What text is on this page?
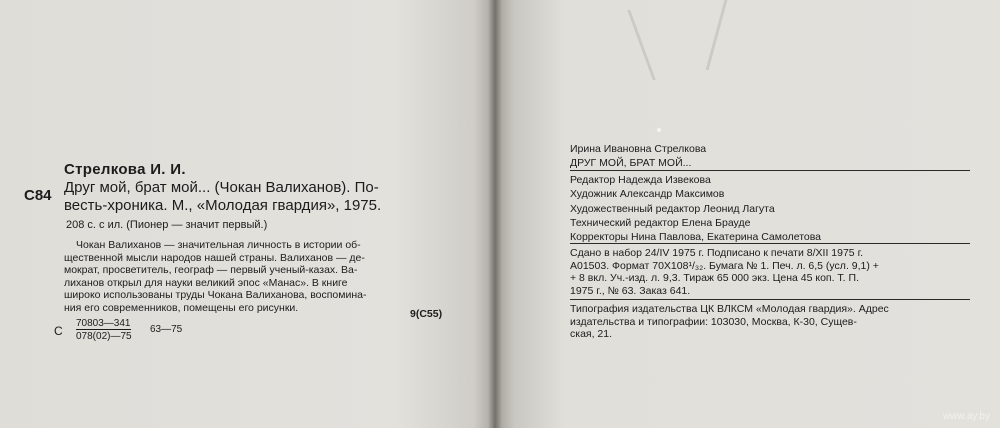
Стрелкова И. И.
С84 Друг мой, брат мой... (Чокан Валиханов). По-
весть-хроника. М., «Молодая гвардия», 1975.
208 с. с ил. (Пионер — значит первый.)
Чокан Валиханов — значительная личность в истории об-
щественной мысли народов нашей страны. Валиханов — де-
мократ, просветитель, географ — первый ученый-казах. Ва-
лиханов открыл для науки великий эпос «Манас». В книге
широко использованы труды Чокана Валиханова, воспомина-
ния его современников, помещены его рисунки.
С
70803—341
078(02)—75
63—75
9(С55)
Ирина Ивановна Стрелкова
ДРУГ МОЙ, БРАТ МОЙ...
Редактор Надежда Извекова
Художник Александр Максимов
Художественный редактор Леонид Лагута
Технический редактор Елена Брауде
Корректоры Нина Павлова, Екатерина Самолетова
Сдано в набор 24/IV 1975 г. Подписано к печати 8/XII 1975 г.
А01503. Формат 70Х108¹/₃₂. Бумага № 1. Печ. л. 6,5 (усл. 9,1) +
+ 8 вкл. Уч.-изд. л. 9,3. Тираж 65 000 экз. Цена 45 коп. Т. П.
1975 г., № 63. Заказ 641.
Типография издательства ЦК ВЛКСМ «Молодая гвардия». Адрес
издательства и типографии: 103030, Москва, К-30, Сущев-
ская, 21.
www.ay.by
